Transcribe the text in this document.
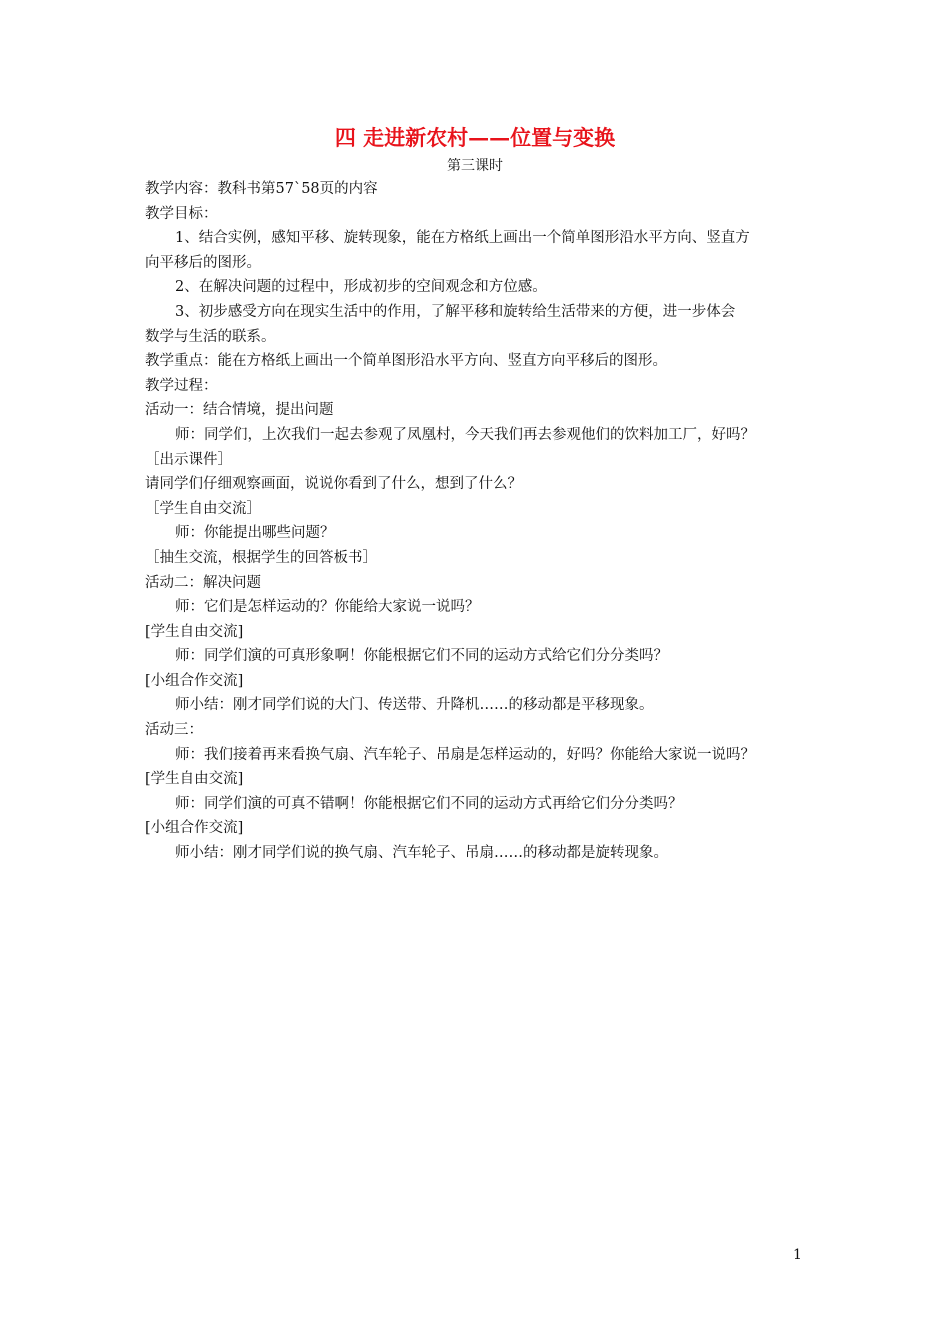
四 走进新农村——位置与变换
第三课时
教学内容：教科书第57`58页的内容
教学目标：
1、结合实例，感知平移、旋转现象，能在方格纸上画出一个简单图形沿水平方向、竖直方
向平移后的图形。
2、在解决问题的过程中，形成初步的空间观念和方位感。
3、初步感受方向在现实生活中的作用，了解平移和旋转给生活带来的方便，进一步体会
数学与生活的联系。
教学重点：能在方格纸上画出一个简单图形沿水平方向、竖直方向平移后的图形。
教学过程：
活动一：结合情境，提出问题
师：同学们，上次我们一起去参观了凤凰村，今天我们再去参观他们的饮料加工厂，好吗？
［出示课件］
请同学们仔细观察画面，说说你看到了什么，想到了什么？
［学生自由交流］
师：你能提出哪些问题？
［抽生交流，根据学生的回答板书］
活动二：解决问题
师：它们是怎样运动的？你能给大家说一说吗？
[学生自由交流]
师：同学们演的可真形象啊！你能根据它们不同的运动方式给它们分分类吗？
[小组合作交流]
师小结：刚才同学们说的大门、传送带、升降机……的移动都是平移现象。
活动三：
师：我们接着再来看换气扇、汽车轮子、吊扇是怎样运动的，好吗？你能给大家说一说吗？
[学生自由交流]
师：同学们演的可真不错啊！你能根据它们不同的运动方式再给它们分分类吗？
[小组合作交流]
师小结：刚才同学们说的换气扇、汽车轮子、吊扇……的移动都是旋转现象。
1
